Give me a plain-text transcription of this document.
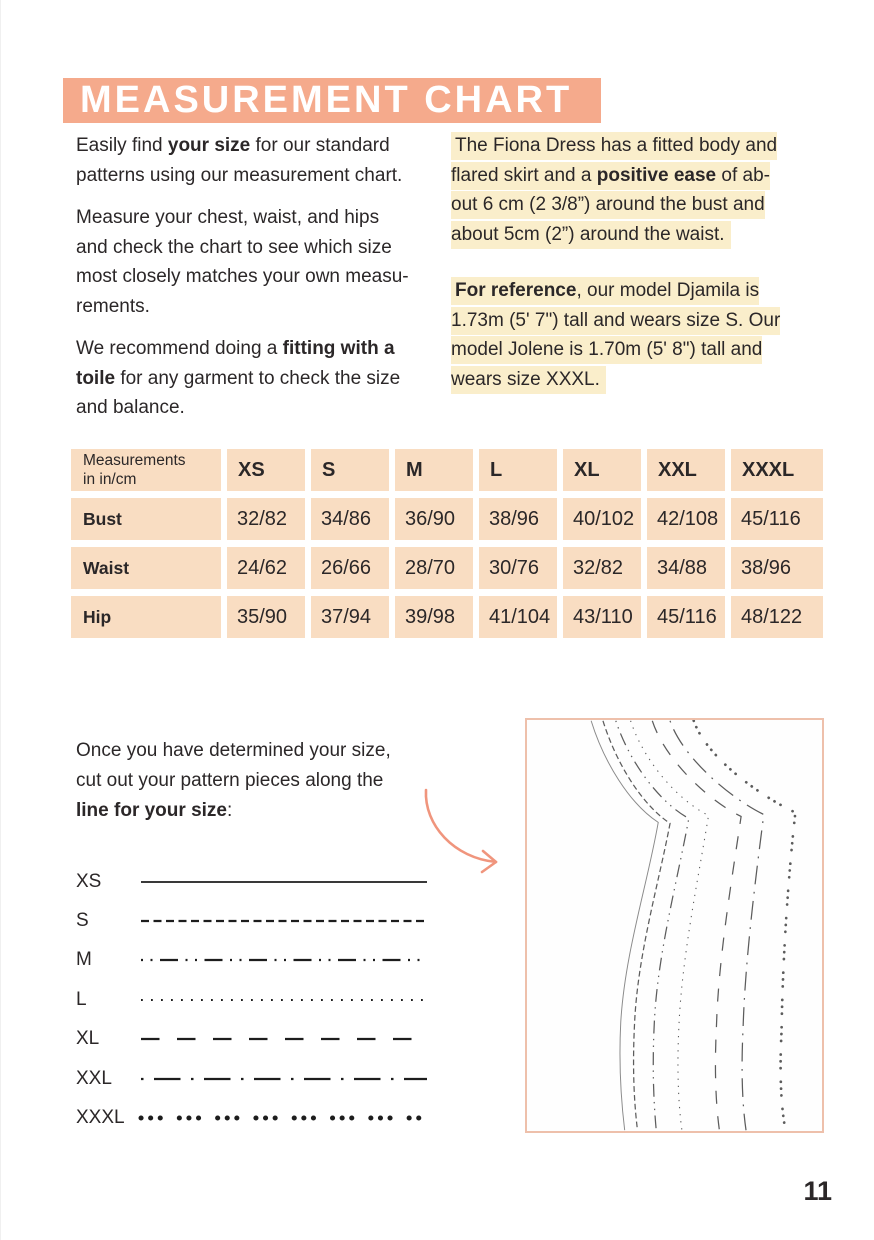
MEASUREMENT CHART

Easily find your size for our standard
patterns using our measurement chart.

Measure your chest, waist, and hips
and check the chart to see which size
most closely matches your own measu-
rements.

We recommend doing a fitting with a
toile for any garment to check the size
and balance.

The Fiona Dress has a fitted body and
flared skirt and a positive ease of ab-
out 6 cm (2 3/8”) around the bust and
about 5cm (2”) around the waist.

For reference, our model Djamila is
1.73m (5' 7") tall and wears size S. Our
model Jolene is 1.70m (5' 8") tall and
wears size XXXL.

Measurements
in in/cm	XS	S	M	L	XL	XXL	XXXL
Bust	32/82	34/86	36/90	38/96	40/102	42/108	45/116
Waist	24/62	26/66	28/70	30/76	32/82	34/88	38/96
Hip	35/90	37/94	39/98	41/104	43/110	45/116	48/122
Once you have determined your size,
cut out your pattern pieces along the
line for your size:
XS
S
M
L
XL
XXL
XXXL
11
